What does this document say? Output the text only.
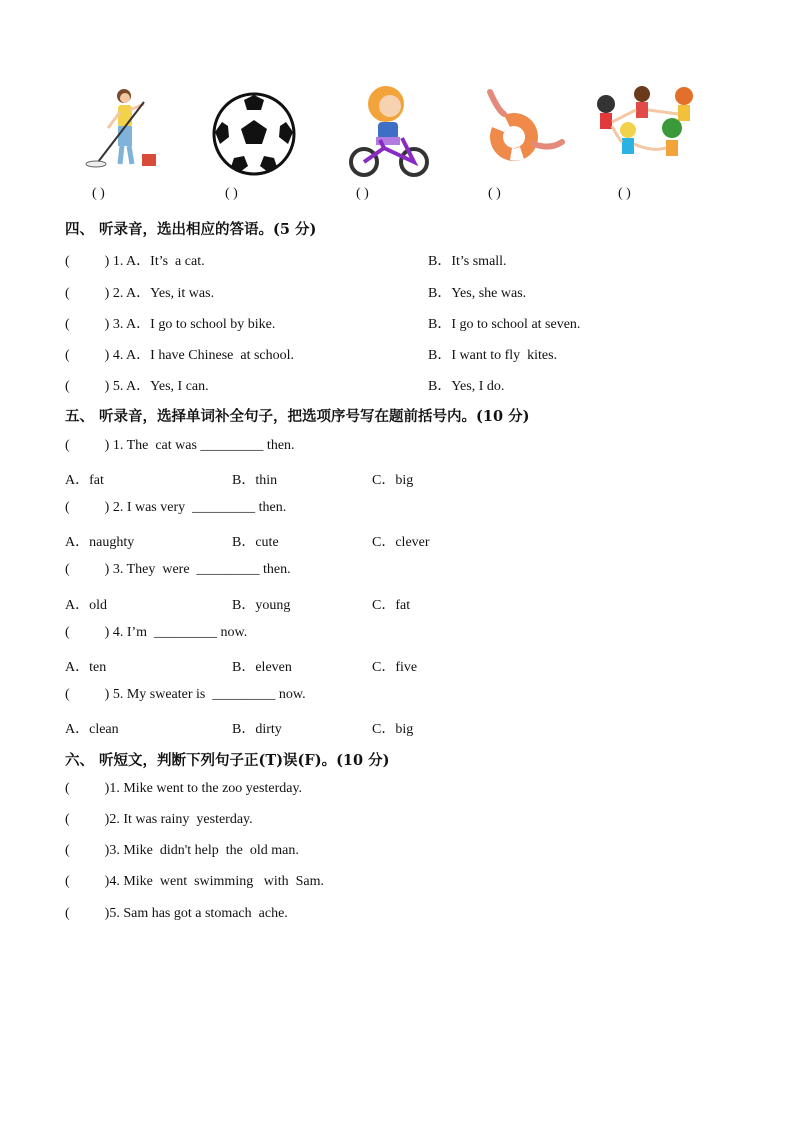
( )	( )	( )	( )	( )
四、 听录音，选出相应的答语。(5 分)
(          ) 1. A．It’s  a cat.	B．It’s small.
(          ) 2. A．Yes, it was.	B．Yes, she was.
(          ) 3. A．I go to school by bike.	B．I go to school at seven.
(          ) 4. A．I have Chinese  at school.	B．I want to fly  kites.
(          ) 5. A．Yes, I can.	B．Yes, I do.
五、 听录音，选择单词补全句子，把选项序号写在题前括号内。(10 分)
(          ) 1. The  cat was _________ then.
A．fat	B．thin	C．big
(          ) 2. I was very  _________ then.
A．naughty	B．cute	C．clever
(          ) 3. They  were  _________ then.
A．old	B．young	C．fat
(          ) 4. I’m  _________ now.
A．ten	B．eleven	C．five
(          ) 5. My sweater is  _________ now.
A．clean	B．dirty	C．big
六、 听短文，判断下列句子正(T)误(F)。(10 分)
(          )1. Mike went to the zoo yesterday.
(          )2. It was rainy  yesterday.
(          )3. Mike  didn't help  the  old man.
(          )4. Mike  went  swimming   with  Sam.
(          )5. Sam has got a stomach  ache.
